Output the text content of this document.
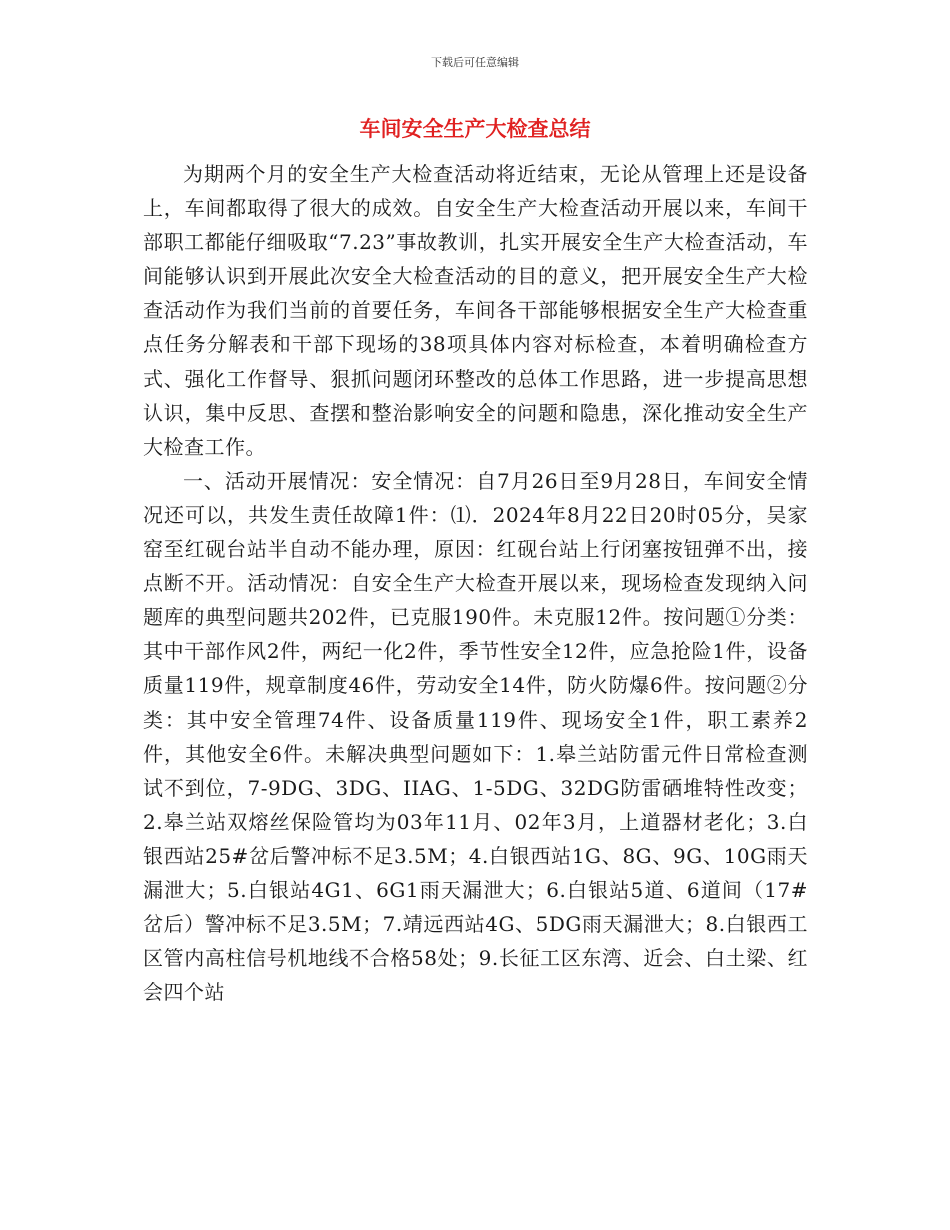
下载后可任意编辑
车间安全生产大检查总结

为期两个月的安全生产大检查活动将近结束，无论从管理上还是设备上，车间都取得了很大的成效。自安全生产大检查活动开展以来，车间干部职工都能仔细吸取“7.23”事故教训，扎实开展安全生产大检查活动，车间能够认识到开展此次安全大检查活动的目的意义，把开展安全生产大检查活动作为我们当前的首要任务，车间各干部能够根据安全生产大检查重点任务分解表和干部下现场的38项具体内容对标检查，本着明确检查方式、强化工作督导、狠抓问题闭环整改的总体工作思路，进一步提高思想认识，集中反思、查摆和整治影响安全的问题和隐患，深化推动安全生产大检查工作。

一、活动开展情况：安全情况：自7月26日至9月28日，车间安全情况还可以，共发生责任故障1件：⑴．2024年8月22日20时05分，吴家窑至红砚台站半自动不能办理，原因：红砚台站上行闭塞按钮弹不出，接点断不开。活动情况：自安全生产大检查开展以来，现场检查发现纳入问题库的典型问题共202件，已克服190件。未克服12件。按问题①分类：其中干部作风2件，两纪一化2件，季节性安全12件，应急抢险1件，设备质量119件，规章制度46件，劳动安全14件，防火防爆6件。按问题②分类：其中安全管理74件、设备质量119件、现场安全1件，职工素养2件，其他安全6件。未解决典型问题如下：1.皋兰站防雷元件日常检查测试不到位，7-9DG、3DG、IIAG、1-5DG、32DG防雷硒堆特性改变；2.皋兰站双熔丝保险管均为03年11月、02年3月，上道器材老化；3.白银西站25#岔后警冲标不足3.5M；4.白银西站1G、8G、9G、10G雨天漏泄大；5.白银站4G1、6G1雨天漏泄大；6.白银站5道、6道间（17#岔后）警冲标不足3.5M；7.靖远西站4G、5DG雨天漏泄大；8.白银西工区管内高柱信号机地线不合格58处；9.长征工区东湾、近会、白土梁、红会四个站
